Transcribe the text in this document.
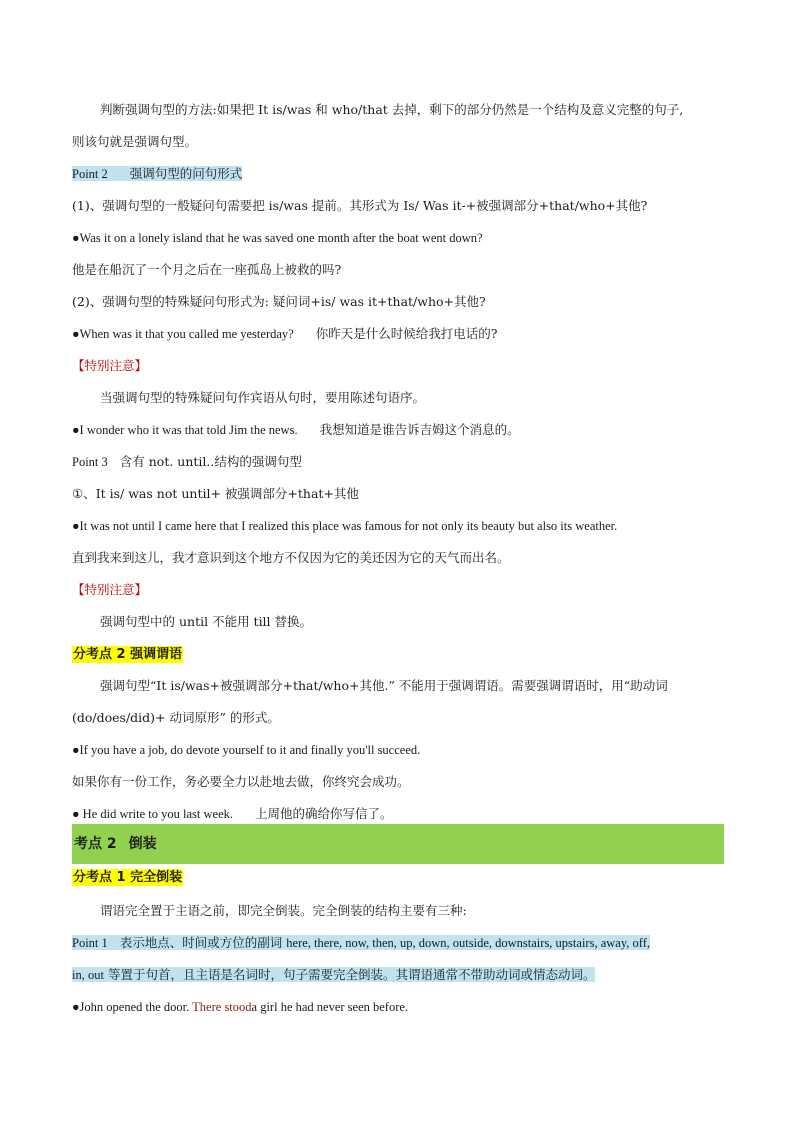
判断强调句型的方法:如果把 It is/was 和 who/that 去掉，剩下的部分仍然是一个结构及意义完整的句子,
则该句就是强调句型。
Point 2 强调句型的问句形式
(1)、强调句型的一般疑问句需要把 is/was 提前。其形式为 Is/ Was it-+被强调部分+that/who+其他?
●Was it on a lonely island that he was saved one month after the boat went down?
他是在船沉了一个月之后在一座孤岛上被救的吗?
(2)、强调句型的特殊疑问句形式为: 疑问词+is/ was it+that/who+其他?
●When was it that you called me yesterday? 你昨天是什么时候给我打电话的?
【特别注意】
当强调句型的特殊疑问句作宾语从句时，要用陈述句语序。
●I wonder who it was that told Jim the news. 我想知道是谁告诉吉姆这个消息的。
Point 3 含有 not. until..结构的强调句型
①、It is/ was not until+ 被强调部分+that+其他
●It was not until I came here that I realized this place was famous for not only its beauty but also its weather.
直到我来到这儿，我才意识到这个地方不仅因为它的美还因为它的天气而出名。
【特别注意】
强调句型中的 until 不能用 till 替换。
分考点 2 强调谓语
强调句型“It is/was+被强调部分+that/who+其他.” 不能用于强调谓语。需要强调谓语时，用“助动词
(do/does/did)+ 动词原形” 的形式。
●If you have a job, do devote yourself to it and finally you'll succeed.
如果你有一份工作，务必要全力以赴地去做，你终究会成功。
● He did write to you last week. 上周他的确给你写信了。
考点 2 倒装
分考点 1 完全倒装
谓语完全置于主语之前，即完全倒装。完全倒装的结构主要有三种:
Point 1 表示地点、时间或方位的副词 here, there, now, then, up, down, outside, downstairs, upstairs, away, off,
in, out 等置于句首，且主语是名词时，句子需要完全倒装。其谓语通常不带助动词或情态动词。
●John opened the door. There stooda girl he had never seen before.
